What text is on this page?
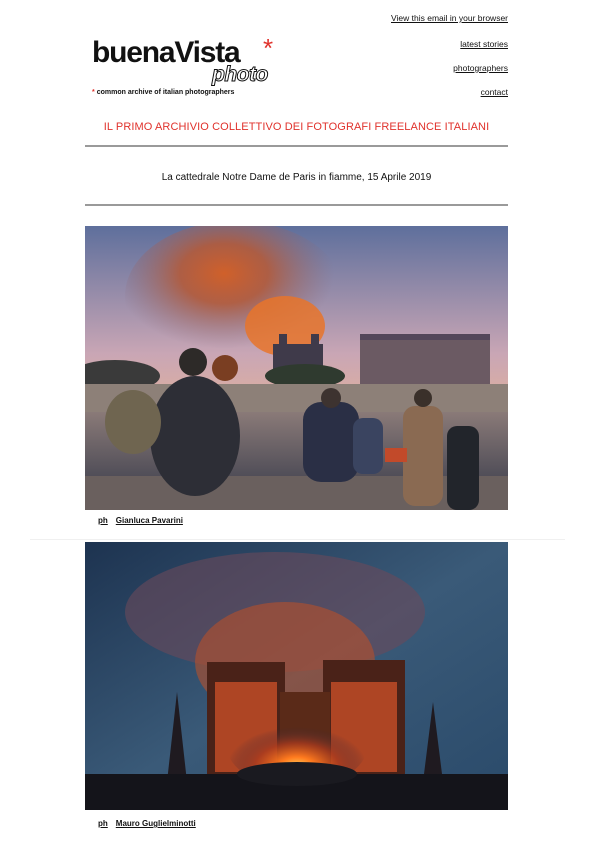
View this email in your browser
latest stories
photographers
contact
buenaVista *
photo
* common archive of italian photographers
IL PRIMO ARCHIVIO COLLETTIVO DEI FOTOGRAFI FREELANCE ITALIANI
La cattedrale Notre Dame de Paris in fiamme, 15 Aprile 2019
ph Gianluca Pavarini
ph Mauro Guglielminotti
